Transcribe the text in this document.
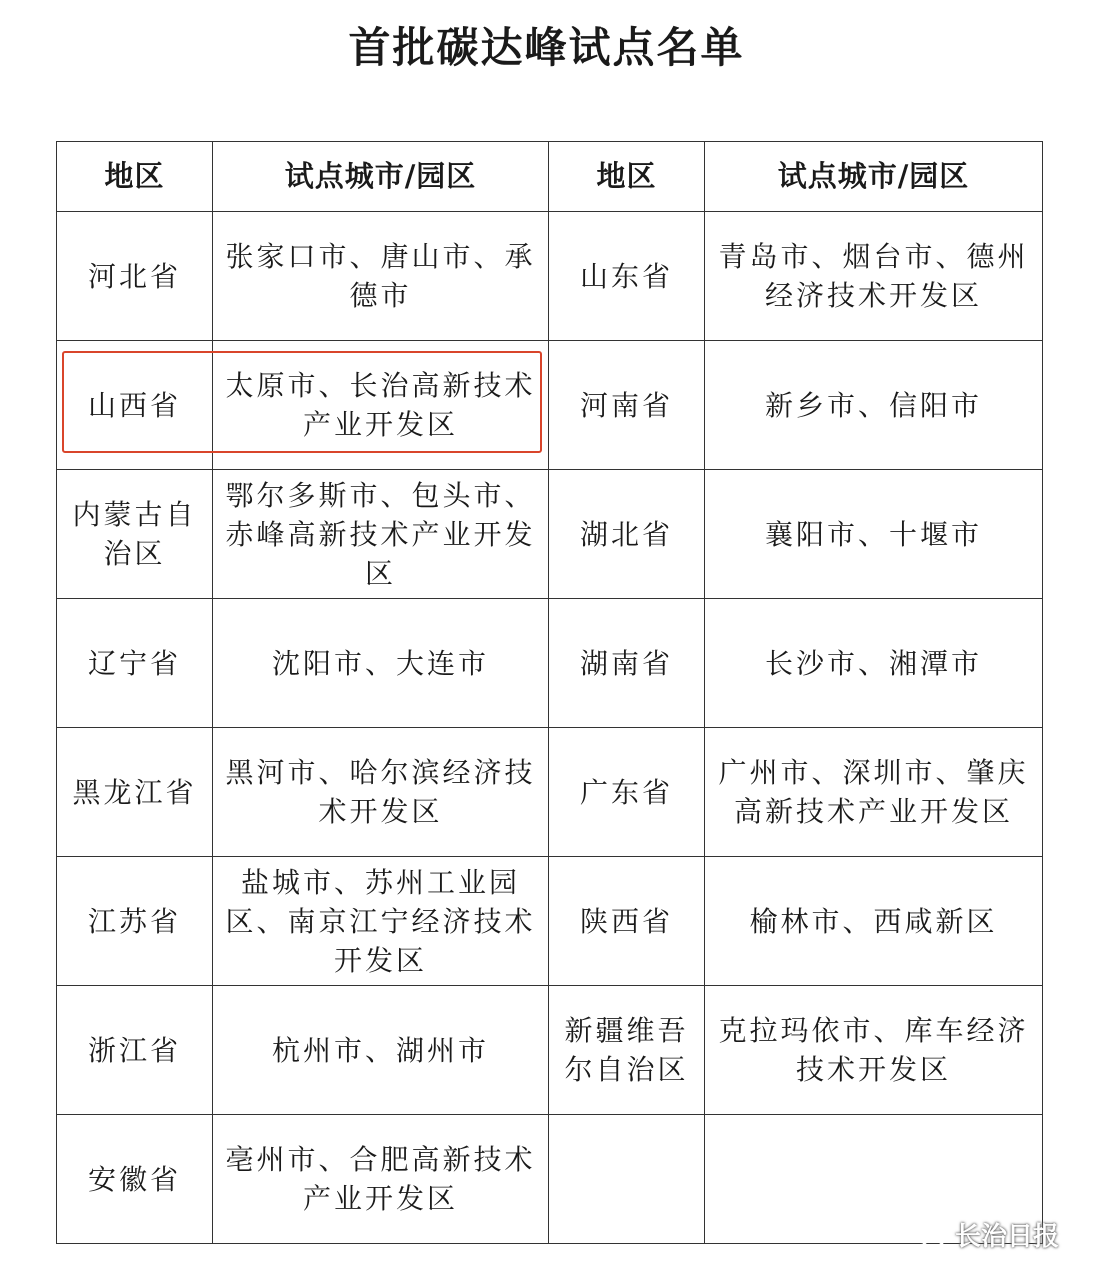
首批碳达峰试点名单
地区	试点城市/园区	地区	试点城市/园区
河北省	张家口市、唐山市、承德市	山东省	青岛市、烟台市、德州经济技术开发区
山西省	太原市、长治高新技术产业开发区	河南省	新乡市、信阳市
内蒙古自治区	鄂尔多斯市、包头市、赤峰高新技术产业开发区	湖北省	襄阳市、十堰市
辽宁省	沈阳市、大连市	湖南省	长沙市、湘潭市
黑龙江省	黑河市、哈尔滨经济技术开发区	广东省	广州市、深圳市、肇庆高新技术产业开发区
江苏省	盐城市、苏州工业园区、南京江宁经济技术开发区	陕西省	榆林市、西咸新区
浙江省	杭州市、湖州市	新疆维吾尔自治区	克拉玛依市、库车经济技术开发区
安徽省	亳州市、合肥高新技术产业开发区		
长治日报
